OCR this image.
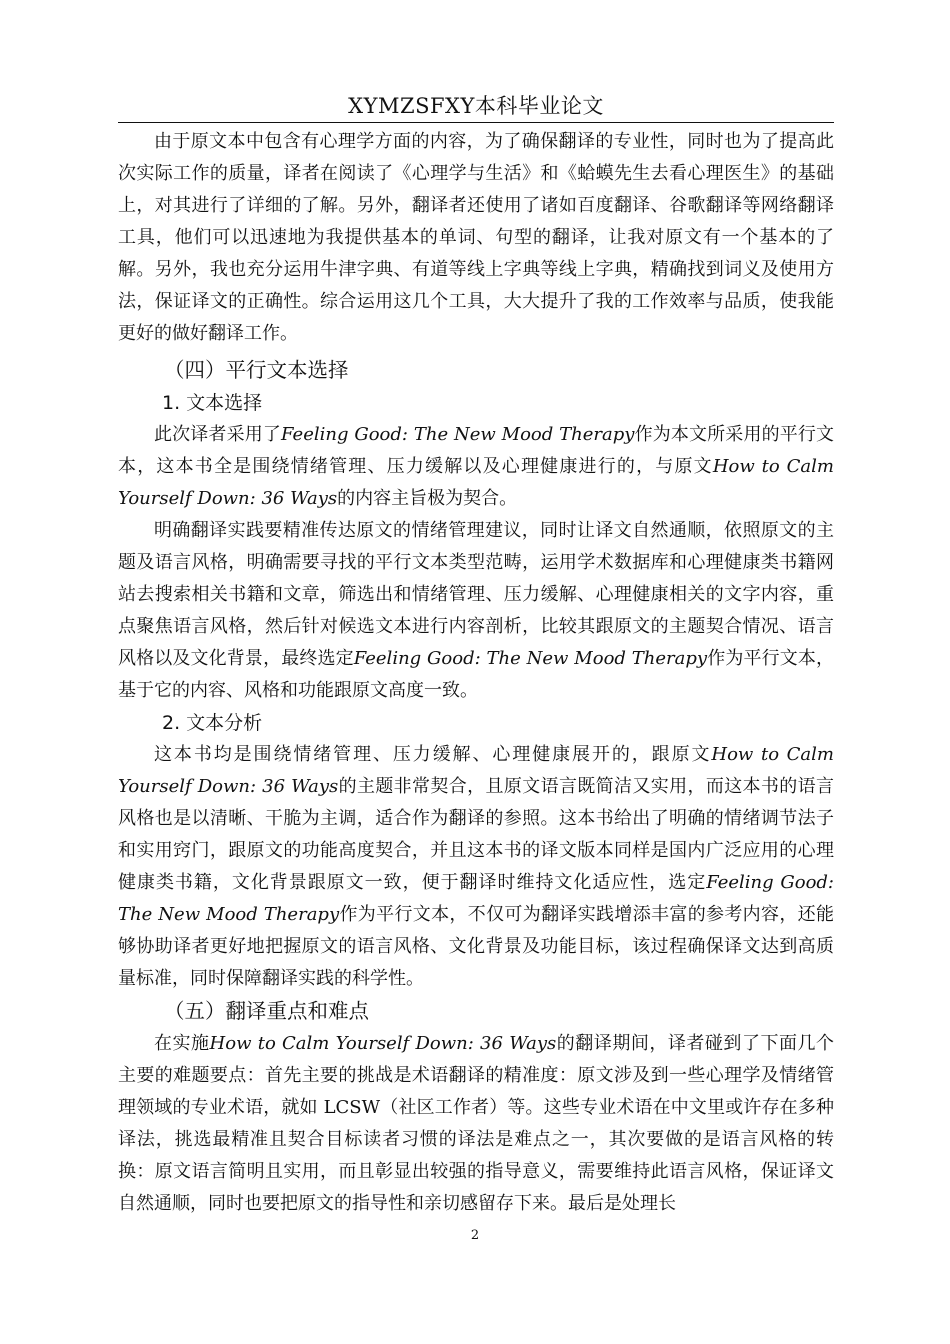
XYMZSFXY本科毕业论文

由于原文本中包含有心理学方面的内容，为了确保翻译的专业性，同时也为了提高此次实际工作的质量，译者在阅读了《心理学与生活》和《蛤蟆先生去看心理医生》的基础上，对其进行了详细的了解。另外，翻译者还使用了诸如百度翻译、谷歌翻译等网络翻译工具，他们可以迅速地为我提供基本的单词、句型的翻译，让我对原文有一个基本的了解。另外，我也充分运用牛津字典、有道等线上字典等线上字典，精确找到词义及使用方法，保证译文的正确性。综合运用这几个工具，大大提升了我的工作效率与品质，使我能更好的做好翻译工作。

（四）平行文本选择
1. 文本选择

此次译者采用了Feeling Good: The New Mood Therapy作为本文所采用的平行文本，这本书全是围绕情绪管理、压力缓解以及心理健康进行的，与原文How to Calm Yourself Down: 36 Ways的内容主旨极为契合。

明确翻译实践要精准传达原文的情绪管理建议，同时让译文自然通顺，依照原文的主题及语言风格，明确需要寻找的平行文本类型范畴，运用学术数据库和心理健康类书籍网站去搜索相关书籍和文章，筛选出和情绪管理、压力缓解、心理健康相关的文字内容，重点聚焦语言风格，然后针对候选文本进行内容剖析，比较其跟原文的主题契合情况、语言风格以及文化背景，最终选定Feeling Good: The New Mood Therapy作为平行文本，基于它的内容、风格和功能跟原文高度一致。

2. 文本分析

这本书均是围绕情绪管理、压力缓解、心理健康展开的，跟原文How to Calm Yourself Down: 36 Ways的主题非常契合，且原文语言既简洁又实用，而这本书的语言风格也是以清晰、干脆为主调，适合作为翻译的参照。这本书给出了明确的情绪调节法子和实用窍门，跟原文的功能高度契合，并且这本书的译文版本同样是国内广泛应用的心理健康类书籍，文化背景跟原文一致，便于翻译时维持文化适应性，选定Feeling Good: The New Mood Therapy作为平行文本，不仅可为翻译实践增添丰富的参考内容，还能够协助译者更好地把握原文的语言风格、文化背景及功能目标，该过程确保译文达到高质量标准，同时保障翻译实践的科学性。

（五）翻译重点和难点

在实施How to Calm Yourself Down: 36 Ways的翻译期间，译者碰到了下面几个主要的难题要点：首先主要的挑战是术语翻译的精准度：原文涉及到一些心理学及情绪管理领域的专业术语，就如 LCSW（社区工作者）等。这些专业术语在中文里或许存在多种译法，挑选最精准且契合目标读者习惯的译法是难点之一，其次要做的是语言风格的转换：原文语言简明且实用，而且彰显出较强的指导意义，需要维持此语言风格，保证译文自然通顺，同时也要把原文的指导性和亲切感留存下来。最后是处理长

2
